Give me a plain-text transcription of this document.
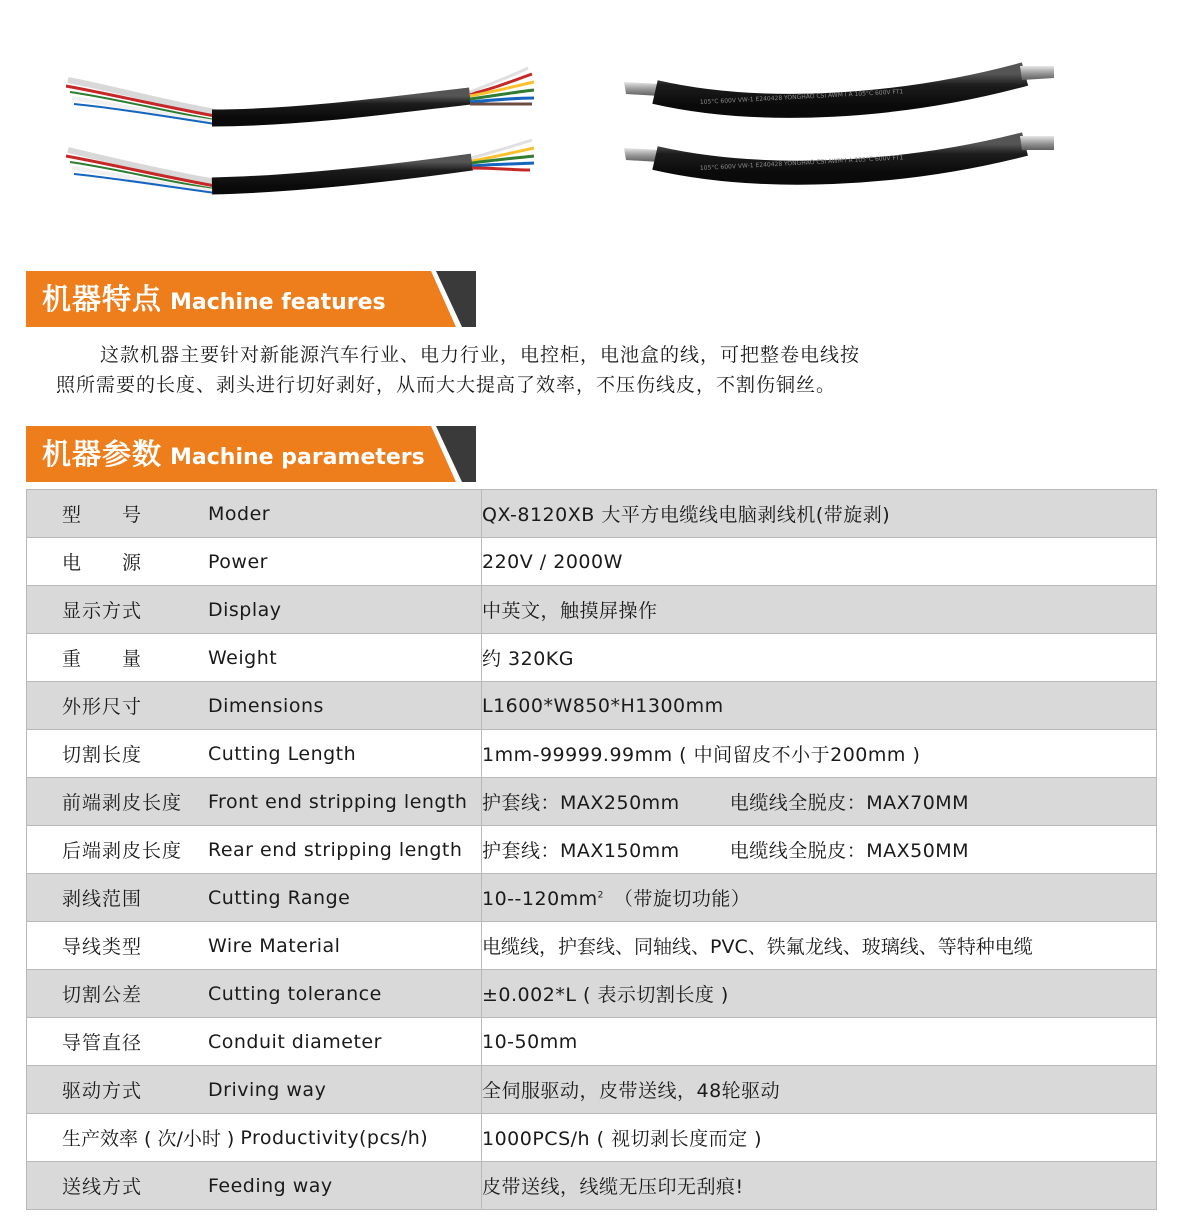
105°C 600V VW-1 E240428 YONGHAO CSI AWM I A 105°C 600V FT1
105°C 600V VW-1 E240428 YONGHAO CSI AWM I A 105°C 600V FT1
机器特点 Machine features

这款机器主要针对新能源汽车行业、电力行业，电控柜，电池盒的线，可把整卷电线按

照所需要的长度、剥头进行切好剥好，从而大大提高了效率，不压伤线皮，不割伤铜丝。

机器参数 Machine parameters
型　　号 Moder	QX-8120XB 大平方电缆线电脑剥线机(带旋剥)

电　　源 Power	220V / 2000W

显示方式 Display	中英文，触摸屏操作

重　　量 Weight	约 320KG

外形尺寸 Dimensions	L1600*W850*H1300mm

切割长度 Cutting Length	1mm-99999.99mm ( 中间留皮不小于200mm )

前端剥皮长度 Front end stripping length	护套线：MAX250mm 电缆线全脱皮：MAX70MM

后端剥皮长度 Rear end stripping length	护套线：MAX150mm 电缆线全脱皮：MAX50MM

剥线范围 Cutting Range	$10--120mm^2$ （带旋切功能）

导线类型 Wire Material	电缆线，护套线、同轴线、PVC、铁氟龙线、玻璃线、等特种电缆

切割公差 Cutting tolerance	±0.002*L ( 表示切割长度 )

导管直径 Conduit diameter	10-50mm

驱动方式 Driving way	全伺服驱动，皮带送线，48轮驱动

生产效率 ( 次/小时 ) Productivity(pcs/h)	1000PCS/h ( 视切剥长度而定 )

送线方式 Feeding way	皮带送线，线缆无压印无刮痕!
